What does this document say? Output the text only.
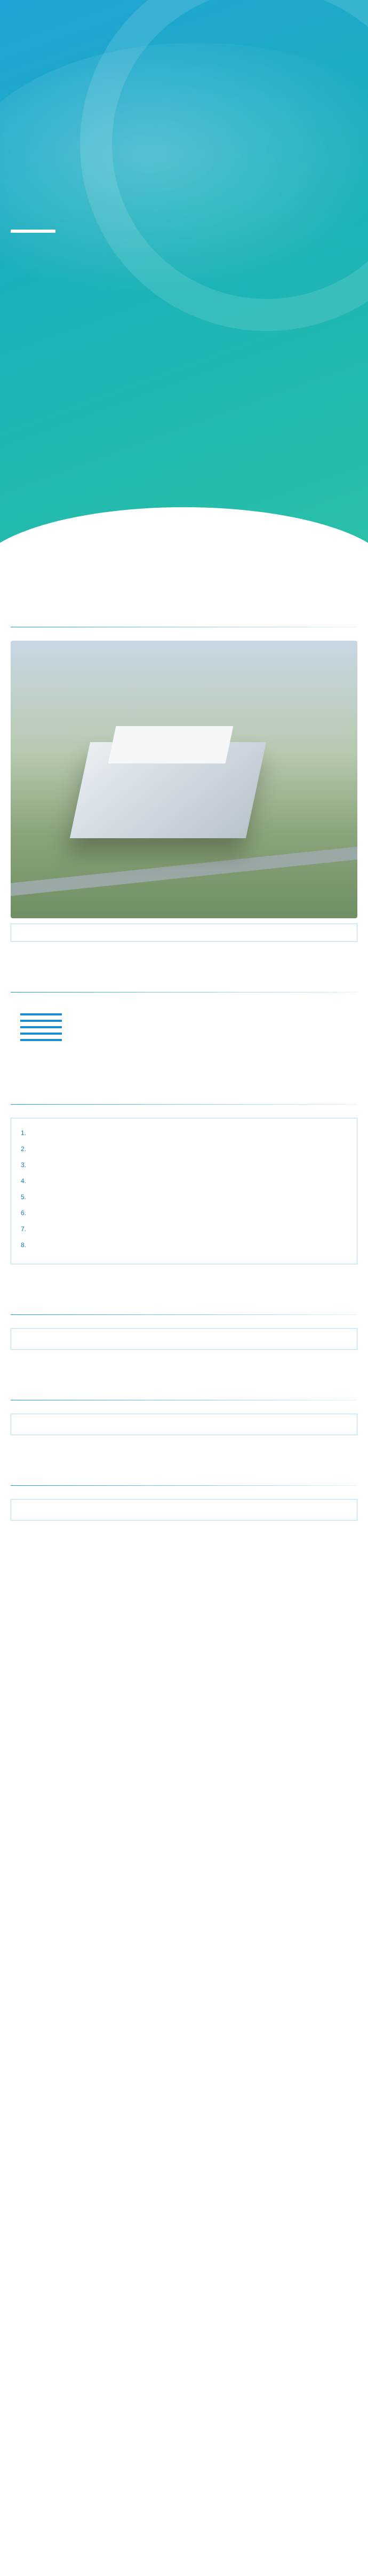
1.
2.
3.
4.
5.
6.
7.
8.
